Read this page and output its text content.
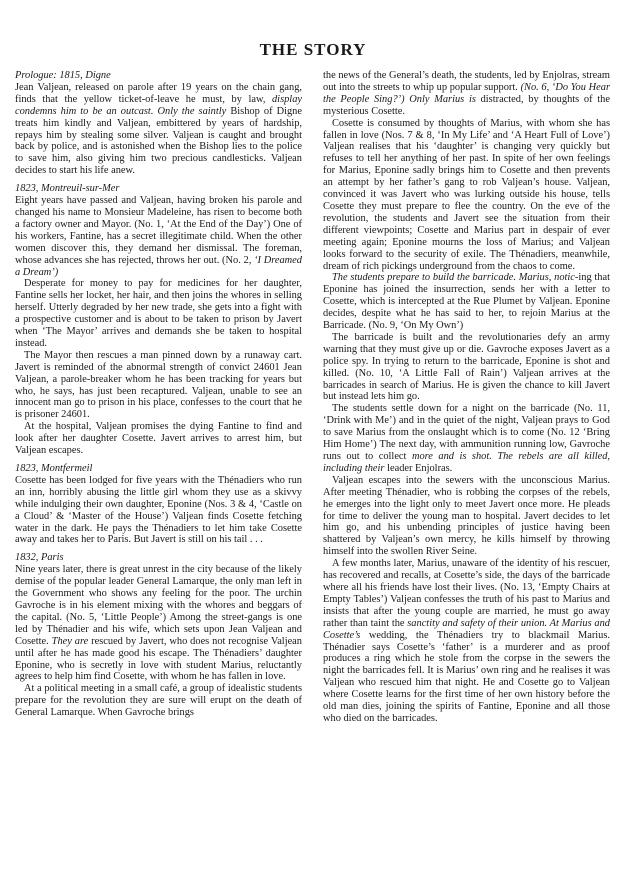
THE STORY
Prologue: 1815, Digne
Jean Valjean, released on parole after 19 years on the chain gang, finds that the yellow ticket-of-leave he must, by law, display condemns him to be an outcast. Only the saintly Bishop of Digne treats him kindly and Valjean, embittered by years of hardship, repays him by stealing some silver. Valjean is caught and brought back by police, and is astonished when the Bishop lies to the police to save him, also giving him two precious candlesticks. Valjean decides to start his life anew.
1823, Montreuil-sur-Mer
Eight years have passed and Valjean, having broken his parole and changed his name to Monsieur Madeleine, has risen to become both a factory owner and Mayor. (No. 1, ‘At the End of the Day’) One of his workers, Fantine, has a secret illegitimate child. When the other women discover this, they demand her dismissal. The foreman, whose advances she has rejected, throws her out. (No. 2, ‘I Dreamed a Dream’)
Desperate for money to pay for medicines for her daughter, Fantine sells her locket, her hair, and then joins the whores in selling herself. Utterly degraded by her new trade, she gets into a fight with a prospective customer and is about to be taken to prison by Javert when ‘The Mayor’ arrives and demands she be taken to hospital instead.
The Mayor then rescues a man pinned down by a runaway cart. Javert is reminded of the abnormal strength of convict 24601 Jean Valjean, a parole-breaker whom he has been tracking for years but who, he says, has just been recaptured. Valjean, unable to see an innocent man go to prison in his place, confesses to the court that he is prisoner 24601.
At the hospital, Valjean promises the dying Fantine to find and look after her daughter Cosette. Javert arrives to arrest him, but Valjean escapes.
1823, Montfermeil
Cosette has been lodged for five years with the Thénadiers who run an inn, horribly abusing the little girl whom they use as a skivvy while indulging their own daughter, Eponine (Nos. 3 & 4, ‘Castle on a Cloud’ & ‘Master of the House’) Valjean finds Cosette fetching water in the dark. He pays the Thénadiers to let him take Cosette away and takes her to Paris. But Javert is still on his tail . . .
1832, Paris
Nine years later, there is great unrest in the city because of the likely demise of the popular leader General Lamarque, the only man left in the Government who shows any feeling for the poor. The urchin Gavroche is in his element mixing with the whores and beggars of the capital. (No. 5, ‘Little People’) Among the street-gangs is one led by Thénadier and his wife, which sets upon Jean Valjean and Cosette. They are rescued by Javert, who does not recognise Valjean until after he has made good his escape. The Thénadiers’ daughter Eponine, who is secretly in love with student Marius, reluctantly agrees to help him find Cosette, with whom he has fallen in love.
At a political meeting in a small café, a group of idealistic students prepare for the revolution they are sure will erupt on the death of General Lamarque. When Gavroche brings
the news of the General’s death, the students, led by Enjolras, stream out into the streets to whip up popular support. (No. 6, ‘Do You Hear the People Sing?’) Only Marius is distracted, by thoughts of the mysterious Cosette.
Cosette is consumed by thoughts of Marius, with whom she has fallen in love (Nos. 7 & 8, ‘In My Life’ and ‘A Heart Full of Love’) Valjean realises that his ‘daughter’ is changing very quickly but refuses to tell her anything of her past. In spite of her own feelings for Marius, Eponine sadly brings him to Cosette and then prevents an attempt by her father’s gang to rob Valjean’s house. Valjean, convinced it was Javert who was lurking outside his house, tells Cosette they must prepare to flee the country. On the eve of the revolution, the students and Javert see the situation from their different viewpoints; Cosette and Marius part in despair of ever meeting again; Eponine mourns the loss of Marius; and Valjean looks forward to the security of exile. The Thénadiers, meanwhile, dream of rich pickings underground from the chaos to come.
The students prepare to build the barricade. Marius, notic-ing that Eponine has joined the insurrection, sends her with a letter to Cosette, which is intercepted at the Rue Plumet by Valjean. Eponine decides, despite what he has said to her, to rejoin Marius at the Barricade. (No. 9, ‘On My Own’)
The barricade is built and the revolutionaries defy an army warning that they must give up or die. Gavroche exposes Javert as a police spy. In trying to return to the barricade, Eponine is shot and killed. (No. 10, ‘A Little Fall of Rain’) Valjean arrives at the barricades in search of Marius. He is given the chance to kill Javert but instead lets him go.
The students settle down for a night on the barricade (No. 11, ‘Drink with Me’) and in the quiet of the night, Valjean prays to God to save Marius from the onslaught which is to come (No. 12 ‘Bring Him Home’) The next day, with ammunition running low, Gavroche runs out to collect more and is shot. The rebels are all killed, including their leader Enjolras.
Valjean escapes into the sewers with the unconscious Marius. After meeting Thénadier, who is robbing the corpses of the rebels, he emerges into the light only to meet Javert once more. He pleads for time to deliver the young man to hospital. Javert decides to let him go, and his unbending principles of justice having been shattered by Valjean’s own mercy, he kills himself by throwing himself into the swollen River Seine.
A few months later, Marius, unaware of the identity of his rescuer, has recovered and recalls, at Cosette’s side, the days of the barricade where all his friends have lost their lives. (No. 13, ‘Empty Chairs at Empty Tables’) Valjean confesses the truth of his past to Marius and insists that after the young couple are married, he must go away rather than taint the sanctity and safety of their union. At Marius and Cosette’s wedding, the Thénadiers try to blackmail Marius. Thénadier says Cosette’s ‘father’ is a murderer and as proof produces a ring which he stole from the corpse in the sewers the night the barricades fell. It is Marius’ own ring and he realises it was Valjean who rescued him that night. He and Cosette go to Valjean where Cosette learns for the first time of her own history before the old man dies, joining the spirits of Fantine, Eponine and all those who died on the barricades.
